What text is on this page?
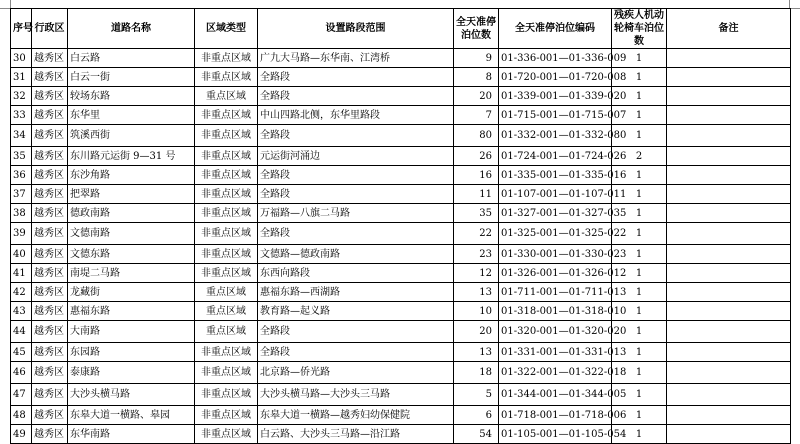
序号	行政区	道路名称	区域类型	设置路段范围	全天准停泊位数	全天准停泊位编码	残疾人机动轮椅车泊位数	备注
30	越秀区	白云路	非重点区域	广九大马路—东华南、江湾桥	9	01-336-001—01-336-009	1	
31	越秀区	白云一街	非重点区域	全路段	8	01-720-001—01-720-008	1	
32	越秀区	较场东路	重点区域	全路段	20	01-339-001—01-339-020	1	
33	越秀区	东华里	非重点区域	中山四路北侧，东华里路段	7	01-715-001—01-715-007	1	
34	越秀区	筑溪西街	非重点区域	全路段	80	01-332-001—01-332-080	1	
35	越秀区	东川路元运街 9—31 号	非重点区域	元运街河涌边	26	01-724-001—01-724-026	2	
36	越秀区	东沙角路	非重点区域	全路段	16	01-335-001—01-335-016	1	
37	越秀区	把翠路	非重点区域	全路段	11	01-107-001—01-107-011	1	
38	越秀区	德政南路	非重点区域	万福路—八旗二马路	35	01-327-001—01-327-035	1	
39	越秀区	文德南路	非重点区域	全路段	22	01-325-001—01-325-022	1	
40	越秀区	文德东路	非重点区域	文德路—德政南路	23	01-330-001—01-330-023	1	
41	越秀区	南堤二马路	非重点区域	东西向路段	12	01-326-001—01-326-012	1	
42	越秀区	龙藏街	重点区域	惠福东路—西湖路	13	01-711-001—01-711-013	1	
43	越秀区	惠福东路	重点区域	教育路—起义路	10	01-318-001—01-318-010	1	
44	越秀区	大南路	重点区域	全路段	20	01-320-001—01-320-020	1	
45	越秀区	东园路	非重点区域	全路段	13	01-331-001—01-331-013	1	
46	越秀区	泰康路	非重点区域	北京路—侨光路	18	01-322-001—01-322-018	1	
47	越秀区	大沙头横马路	非重点区域	大沙头横马路—大沙头三马路	5	01-344-001—01-344-005	1	
48	越秀区	东皋大道一横路、皋园	非重点区域	东皋大道一横路—越秀妇幼保健院	6	01-718-001—01-718-006	1	
49	越秀区	东华南路	非重点区域	白云路、大沙头三马路—沿江路	54	01-105-001—01-105-054	1	
